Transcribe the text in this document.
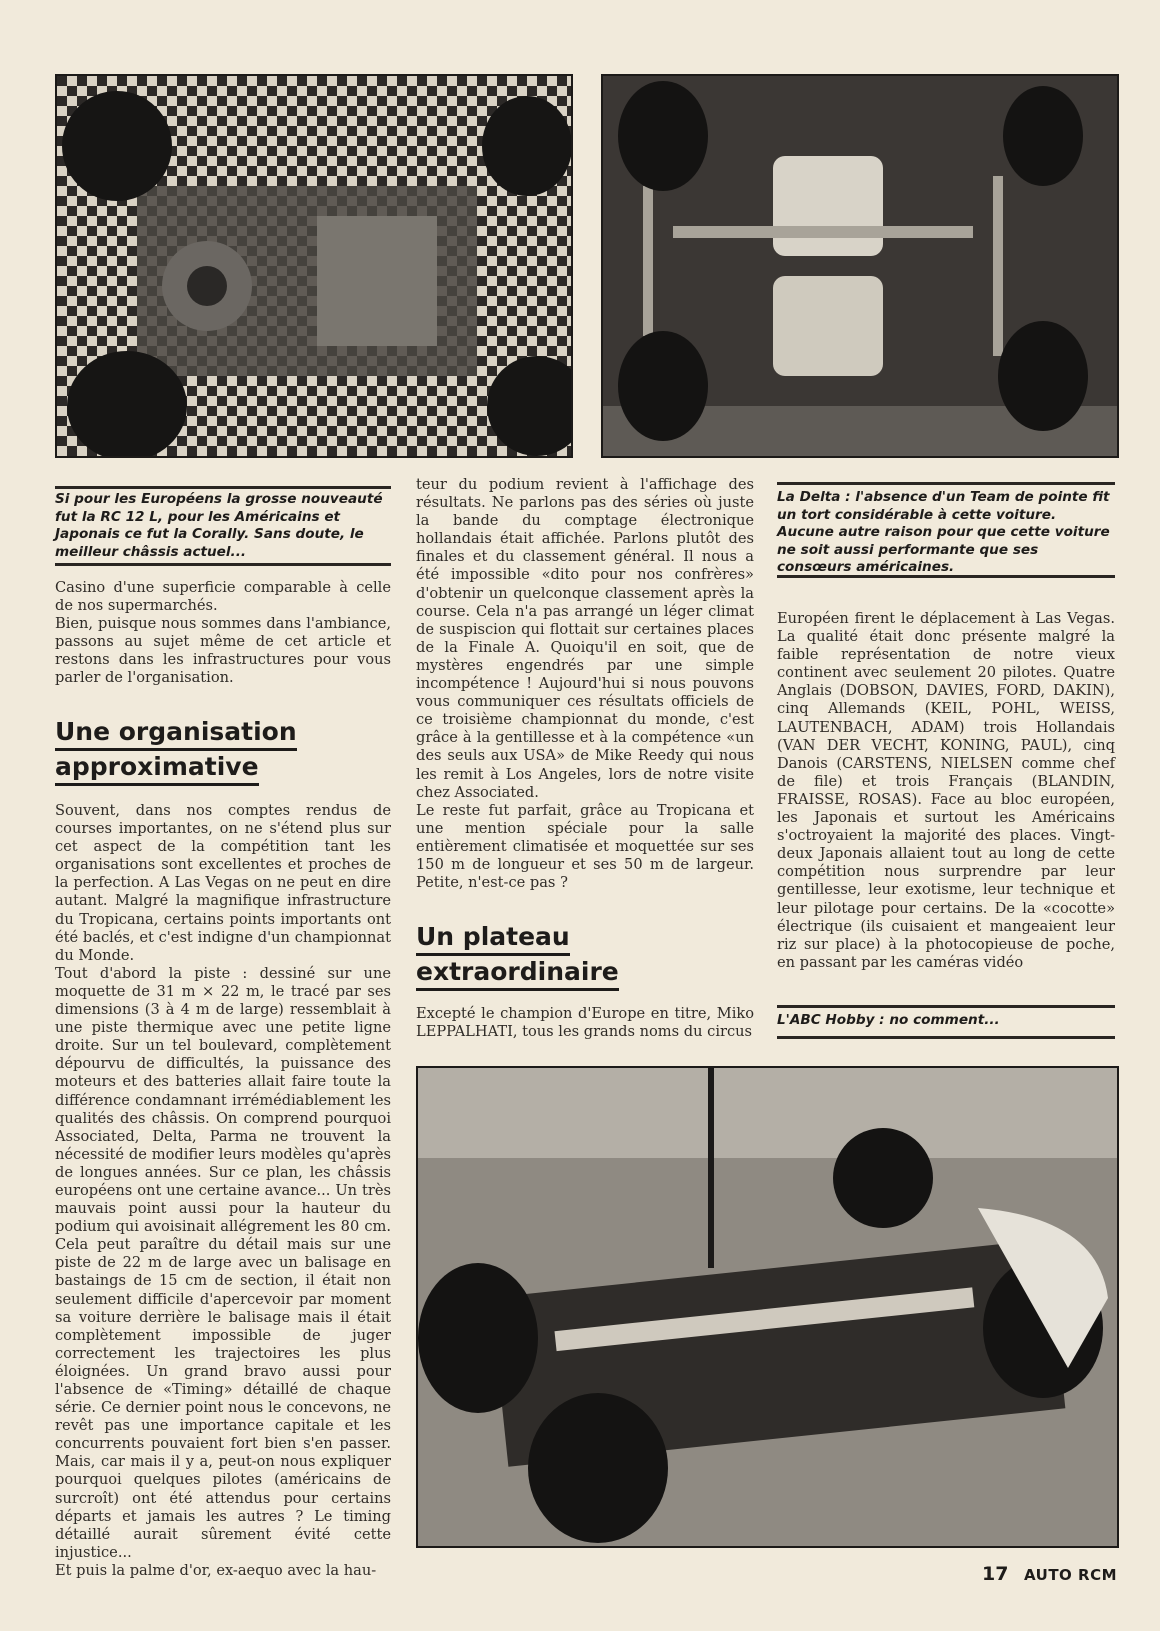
Si pour les Européens la grosse nouveauté fut la RC 12 L, pour les Américains et Japonais ce fut la Corally. Sans doute, le meilleur châssis actuel...

La Delta : l'absence d'un Team de pointe fit un tort considérable à cette voiture. Aucune autre raison pour que cette voiture ne soit aussi performante que ses consœurs américaines.

Casino d'une superficie comparable à celle de nos supermarchés.

Bien, puisque nous sommes dans l'ambiance, passons au sujet même de cet article et restons dans les infrastructures pour vous parler de l'organisation.

Une organisation
approximative

Souvent, dans nos comptes rendus de courses importantes, on ne s'étend plus sur cet aspect de la compétition tant les organisations sont excellentes et proches de la perfection. A Las Vegas on ne peut en dire autant. Malgré la magnifique infrastructure du Tropicana, certains points importants ont été baclés, et c'est indigne d'un championnat du Monde.

Tout d'abord la piste : dessiné sur une moquette de 31 m × 22 m, le tracé par ses dimensions (3 à 4 m de large) ressemblait à une piste thermique avec une petite ligne droite. Sur un tel boulevard, complètement dépourvu de difficultés, la puissance des moteurs et des batteries allait faire toute la différence condamnant irrémédiablement les qualités des châssis. On comprend pourquoi Associated, Delta, Parma ne trouvent la nécessité de modifier leurs modèles qu'après de longues années. Sur ce plan, les châssis européens ont une certaine avance... Un très mauvais point aussi pour la hauteur du podium qui avoisinait allégrement les 80 cm. Cela peut paraître du détail mais sur une piste de 22 m de large avec un balisage en bastaings de 15 cm de section, il était non seulement difficile d'apercevoir par moment sa voiture derrière le balisage mais il était complètement impossible de juger correctement les trajectoires les plus éloignées. Un grand bravo aussi pour l'absence de «Timing» détaillé de chaque série. Ce dernier point nous le concevons, ne revêt pas une importance capitale et les concurrents pouvaient fort bien s'en passer. Mais, car mais il y a, peut-on nous expliquer pourquoi quelques pilotes (américains de surcroît) ont été attendus pour certains départs et jamais les autres ? Le timing détaillé aurait sûrement évité cette injustice...

Et puis la palme d'or, ex-aequo avec la hau-

teur du podium revient à l'affichage des résultats. Ne parlons pas des séries où juste la bande du comptage électronique hollandais était affichée. Parlons plutôt des finales et du classement général. Il nous a été impossible «dito pour nos confrères» d'obtenir un quelconque classement après la course. Cela n'a pas arrangé un léger climat de suspiscion qui flottait sur certaines places de la Finale A. Quoiqu'il en soit, que de mystères engendrés par une simple incompétence ! Aujourd'hui si nous pouvons vous communiquer ces résultats officiels de ce troisième championnat du monde, c'est grâce à la gentillesse et à la compétence «un des seuls aux USA» de Mike Reedy qui nous les remit à Los Angeles, lors de notre visite chez Associated.

Le reste fut parfait, grâce au Tropicana et une mention spéciale pour la salle entièrement climatisée et moquettée sur ses 150 m de longueur et ses 50 m de largeur. Petite, n'est-ce pas ?

Un plateau
extraordinaire

Excepté le champion d'Europe en titre, Miko LEPPALHATI, tous les grands noms du circus

Européen firent le déplacement à Las Vegas. La qualité était donc présente malgré la faible représentation de notre vieux continent avec seulement 20 pilotes. Quatre Anglais (DOBSON, DAVIES, FORD, DAKIN), cinq Allemands (KEIL, POHL, WEISS, LAUTENBACH, ADAM) trois Hollandais (VAN DER VECHT, KONING, PAUL), cinq Danois (CARSTENS, NIELSEN comme chef de file) et trois Français (BLANDIN, FRAISSE, ROSAS). Face au bloc européen, les Japonais et surtout les Américains s'octroyaient la majorité des places. Vingt-deux Japonais allaient tout au long de cette compétition nous surprendre par leur gentillesse, leur exotisme, leur technique et leur pilotage pour certains. De la «cocotte» électrique (ils cuisaient et mangeaient leur riz sur place) à la photocopieuse de poche, en passant par les caméras vidéo

L'ABC Hobby : no comment...

17 AUTO RCM
